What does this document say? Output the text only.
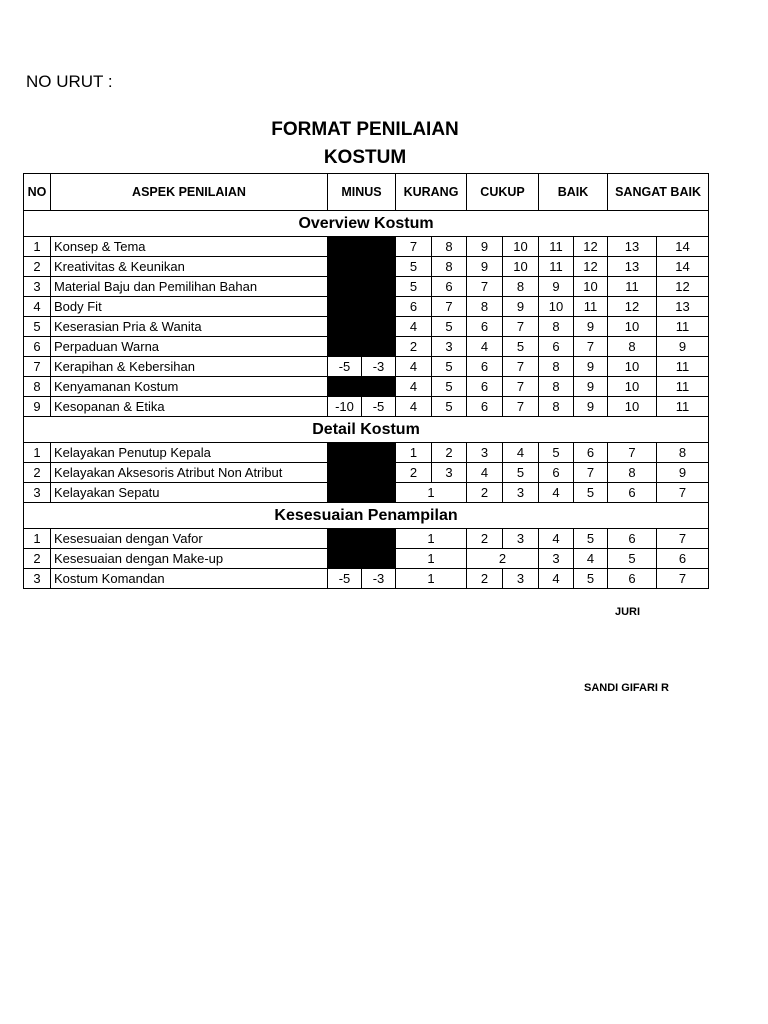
NO URUT :
FORMAT PENILAIAN
KOSTUM
NO	ASPEK PENILAIAN	MINUS		KURANG		CUKUP		BAIK		SANGAT BAIK	
Overview Kostum											
1	Konsep & Tema			7	8	9	10	11	12	13	14
2	Kreativitas & Keunikan			5	8	9	10	11	12	13	14
3	Material Baju dan Pemilihan Bahan			5	6	7	8	9	10	11	12
4	Body Fit			6	7	8	9	10	11	12	13
5	Keserasian Pria & Wanita			4	5	6	7	8	9	10	11
6	Perpaduan Warna			2	3	4	5	6	7	8	9
7	Kerapihan & Kebersihan	-5	-3	4	5	6	7	8	9	10	11
8	Kenyamanan Kostum			4	5	6	7	8	9	10	11
9	Kesopanan & Etika	-10	-5	4	5	6	7	8	9	10	11
Detail Kostum											
1	Kelayakan Penutup Kepala			1	2	3	4	5	6	7	8
2	Kelayakan Aksesoris Atribut Non Atribut			2	3	4	5	6	7	8	9
3	Kelayakan Sepatu			1		2	3	4	5	6	7
Kesesuaian Penampilan											
1	Kesesuaian dengan Vafor			1		2	3	4	5	6	7
2	Kesesuaian dengan Make-up			1		2		3	4	5	6
3	Kostum Komandan	-5	-3	1		2	3	4	5	6	7
JURI
SANDI GIFARI R
